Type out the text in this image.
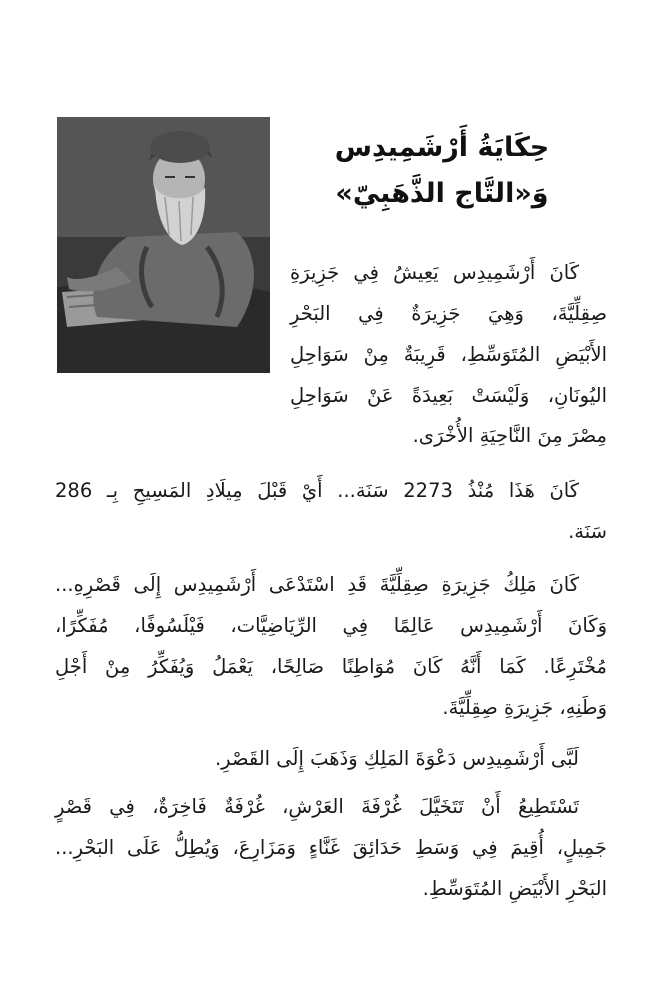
حِكَايَةُ أَرْشَمِيدِس
وَ«التَّاج الذَّهَبِيّ»
كَانَ أَرْشَمِيدِس يَعِيشُ فِي جَزِيرَةِ
صِقِلِّيَّةَ، وَهِيَ جَزِيرَةٌ فِي البَحْرِ
الأَبْيَضِ المُتَوَسِّطِ، قَرِيبَةٌ مِنْ سَوَاحِلِ
اليُونَانِ، وَلَيْسَتْ بَعِيدَةً عَنْ سَوَاحِلِ
مِصْرَ مِنَ النَّاحِيَةِ الأُخْرَى.
كَانَ هَذَا مُنْذُ 2273 سَنَة... أَيْ قَبْلَ مِيلَادِ المَسِيحِ بِـ 286
سَنَة.
كَانَ مَلِكُ جَزِيرَةِ صِقِلِّيَّةَ قَدِ اسْتَدْعَى أَرْشَمِيدِس إِلَى قَصْرِهِ...
وَكَانَ أَرْشَمِيدِس عَالِمًا فِي الرِّيَاضِيَّات، فَيْلَسُوفًا، مُفَكِّرًا،
مُخْتَرِعًا. كَمَا أَنَّهُ كَانَ مُوَاطِنًا صَالِحًا، يَعْمَلُ وَيُفَكِّرُ مِنْ أَجْلِ
وَطَنِهِ، جَزِيرَةِ صِقِلِّيَّةَ.
لَبَّى أَرْشَمِيدِس دَعْوَةَ المَلِكِ وَذَهَبَ إِلَى القَصْرِ.
تَسْتَطِيعُ أَنْ تَتَخَيَّلَ غُرْفَةَ العَرْشِ، غُرْفَةٌ فَاخِرَةٌ، فِي قَصْرٍ
جَمِيلٍ، أُقِيمَ فِي وَسَطِ حَدَائِقَ غَنَّاءٍ وَمَزَارِعَ، وَيُطِلُّ عَلَى البَحْرِ...
البَحْرِ الأَبْيَضِ المُتَوَسِّطِ.
